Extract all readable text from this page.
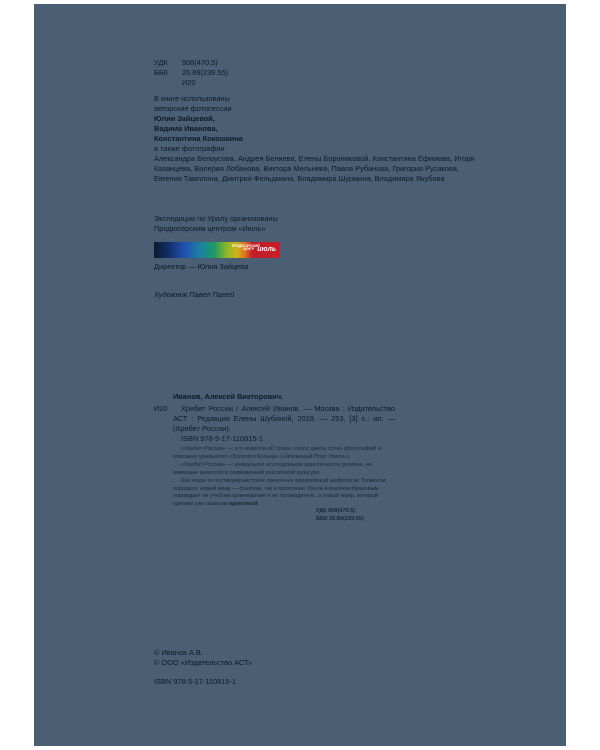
УДК	908(470.5)
ББК	26.89(239.55)
И20
В книге использованы
авторские фотосессии
Юлии Зайцевой,
Вадима Иванова,
Константина Кокошкина
а также фотографии
Александра Белоусова, Андрея Беляева, Елены Борониковой, Константина Ефимова, Игоря Казанцева, Валерия Лобанова, Виктора Мельника, Павла Рубанова, Григория Русакова, Евгения Тамплона, Дмитрия Фельдмана, Владимира Шурмина, Владимира Якубова
Экспедиции по Уралу организованы
Продюсерским центром «Июль»
ПРОДЮСЕРСКИЙ ЦЕНТР июль
Директор — Юлия Зайцева
Художник Павел Палей
Иванов, Алексей Викторович.
И20	Хребет России / Алексей Иванов. — Москва : Издательство АСТ : Редакция Елены Шубиной, 2019. — 253, [3] с.: ил. — (Хребет России).
ISBN 978-5-17-110815-1
«Хребет России» — это новелла об Урале, сколо цветы сотен фотографий и описание уральского «Золотого Кольца» («Железный Пояс Урала»).
«Хребет России» — уникальное исследование идентичности региона, не имеющее аналогов в современной российской культуре.
Как когда-то постмодернистское прочтение европейской мифологии Толкином породило новый жанр — фэнтези, так и прочтение Урала Алексеем Ивановым порождает не учебник краеведения и не путеводитель, а новый жанр, который критики уже назвали идентикой.
УДК 908(470.5)
ББК 26.89(239.55)
© Иванов А.В.
© ООО «Издательство АСТ»
ISBN 978-5-17-110815-1
